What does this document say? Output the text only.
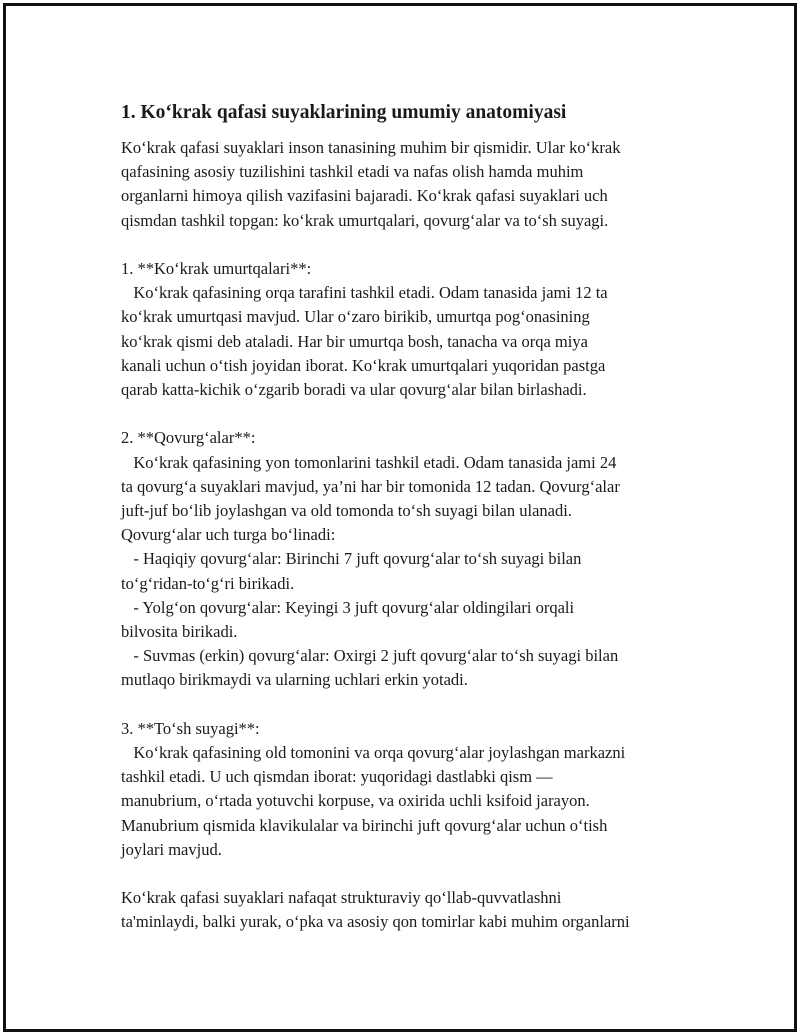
1. Ko‘krak qafasi suyaklarining umumiy anatomiyasi
Ko‘krak qafasi suyaklari inson tanasining muhim bir qismidir. Ular ko‘krak
qafasining asosiy tuzilishini tashkil etadi va nafas olish hamda muhim
organlarni himoya qilish vazifasini bajaradi. Ko‘krak qafasi suyaklari uch
qismdan tashkil topgan: ko‘krak umurtqalari, qovurg‘alar va to‘sh suyagi.
1. **Ko‘krak umurtqalari**:
Ko‘krak qafasining orqa tarafini tashkil etadi. Odam tanasida jami 12 ta
ko‘krak umurtqasi mavjud. Ular o‘zaro birikib, umurtqa pog‘onasining
ko‘krak qismi deb ataladi. Har bir umurtqa bosh, tanacha va orqa miya
kanali uchun o‘tish joyidan iborat. Ko‘krak umurtqalari yuqoridan pastga
qarab katta-kichik o‘zgarib boradi va ular qovurg‘alar bilan birlashadi.
2. **Qovurg‘alar**:
Ko‘krak qafasining yon tomonlarini tashkil etadi. Odam tanasida jami 24
ta qovurg‘a suyaklari mavjud, ya’ni har bir tomonida 12 tadan. Qovurg‘alar
juft-juf bo‘lib joylashgan va old tomonda to‘sh suyagi bilan ulanadi.
Qovurg‘alar uch turga bo‘linadi:
- Haqiqiy qovurg‘alar: Birinchi 7 juft qovurg‘alar to‘sh suyagi bilan
to‘g‘ridan-to‘g‘ri birikadi.
- Yolg‘on qovurg‘alar: Keyingi 3 juft qovurg‘alar oldingilari orqali
bilvosita birikadi.
- Suvmas (erkin) qovurg‘alar: Oxirgi 2 juft qovurg‘alar to‘sh suyagi bilan
mutlaqo birikmaydi va ularning uchlari erkin yotadi.
3. **To‘sh suyagi**:
Ko‘krak qafasining old tomonini va orqa qovurg‘alar joylashgan markazni
tashkil etadi. U uch qismdan iborat: yuqoridagi dastlabki qism —
manubrium, o‘rtada yotuvchi korpuse, va oxirida uchli ksifoid jarayon.
Manubrium qismida klavikulalar va birinchi juft qovurg‘alar uchun o‘tish
joylari mavjud.
Ko‘krak qafasi suyaklari nafaqat strukturaviy qo‘llab-quvvatlashni
ta'minlaydi, balki yurak, o‘pka va asosiy qon tomirlar kabi muhim organlarni
